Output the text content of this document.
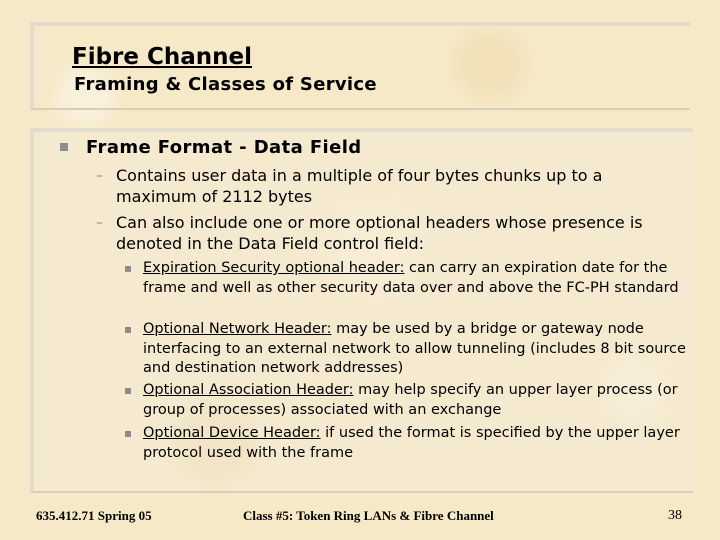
Fibre Channel
Framing & Classes of Service
Frame Format - Data Field
– Contains user data in a multiple of four bytes chunks up to a maximum of 2112 bytes
– Can also include one or more optional headers whose presence is denoted in the Data Field control field:
Expiration Security optional header: can carry an expiration date for the frame and well as other security data over and above the FC-PH standard
Optional Network Header: may be used by a bridge or gateway node interfacing to an external network to allow tunneling (includes 8 bit source and destination network addresses)
Optional Association Header: may help specify an upper layer process (or group of processes) associated with an exchange
Optional Device Header: if used the format is specified by the upper layer protocol used with the frame
635.412.71 Spring 05	Class #5: Token Ring LANs & Fibre Channel	38
